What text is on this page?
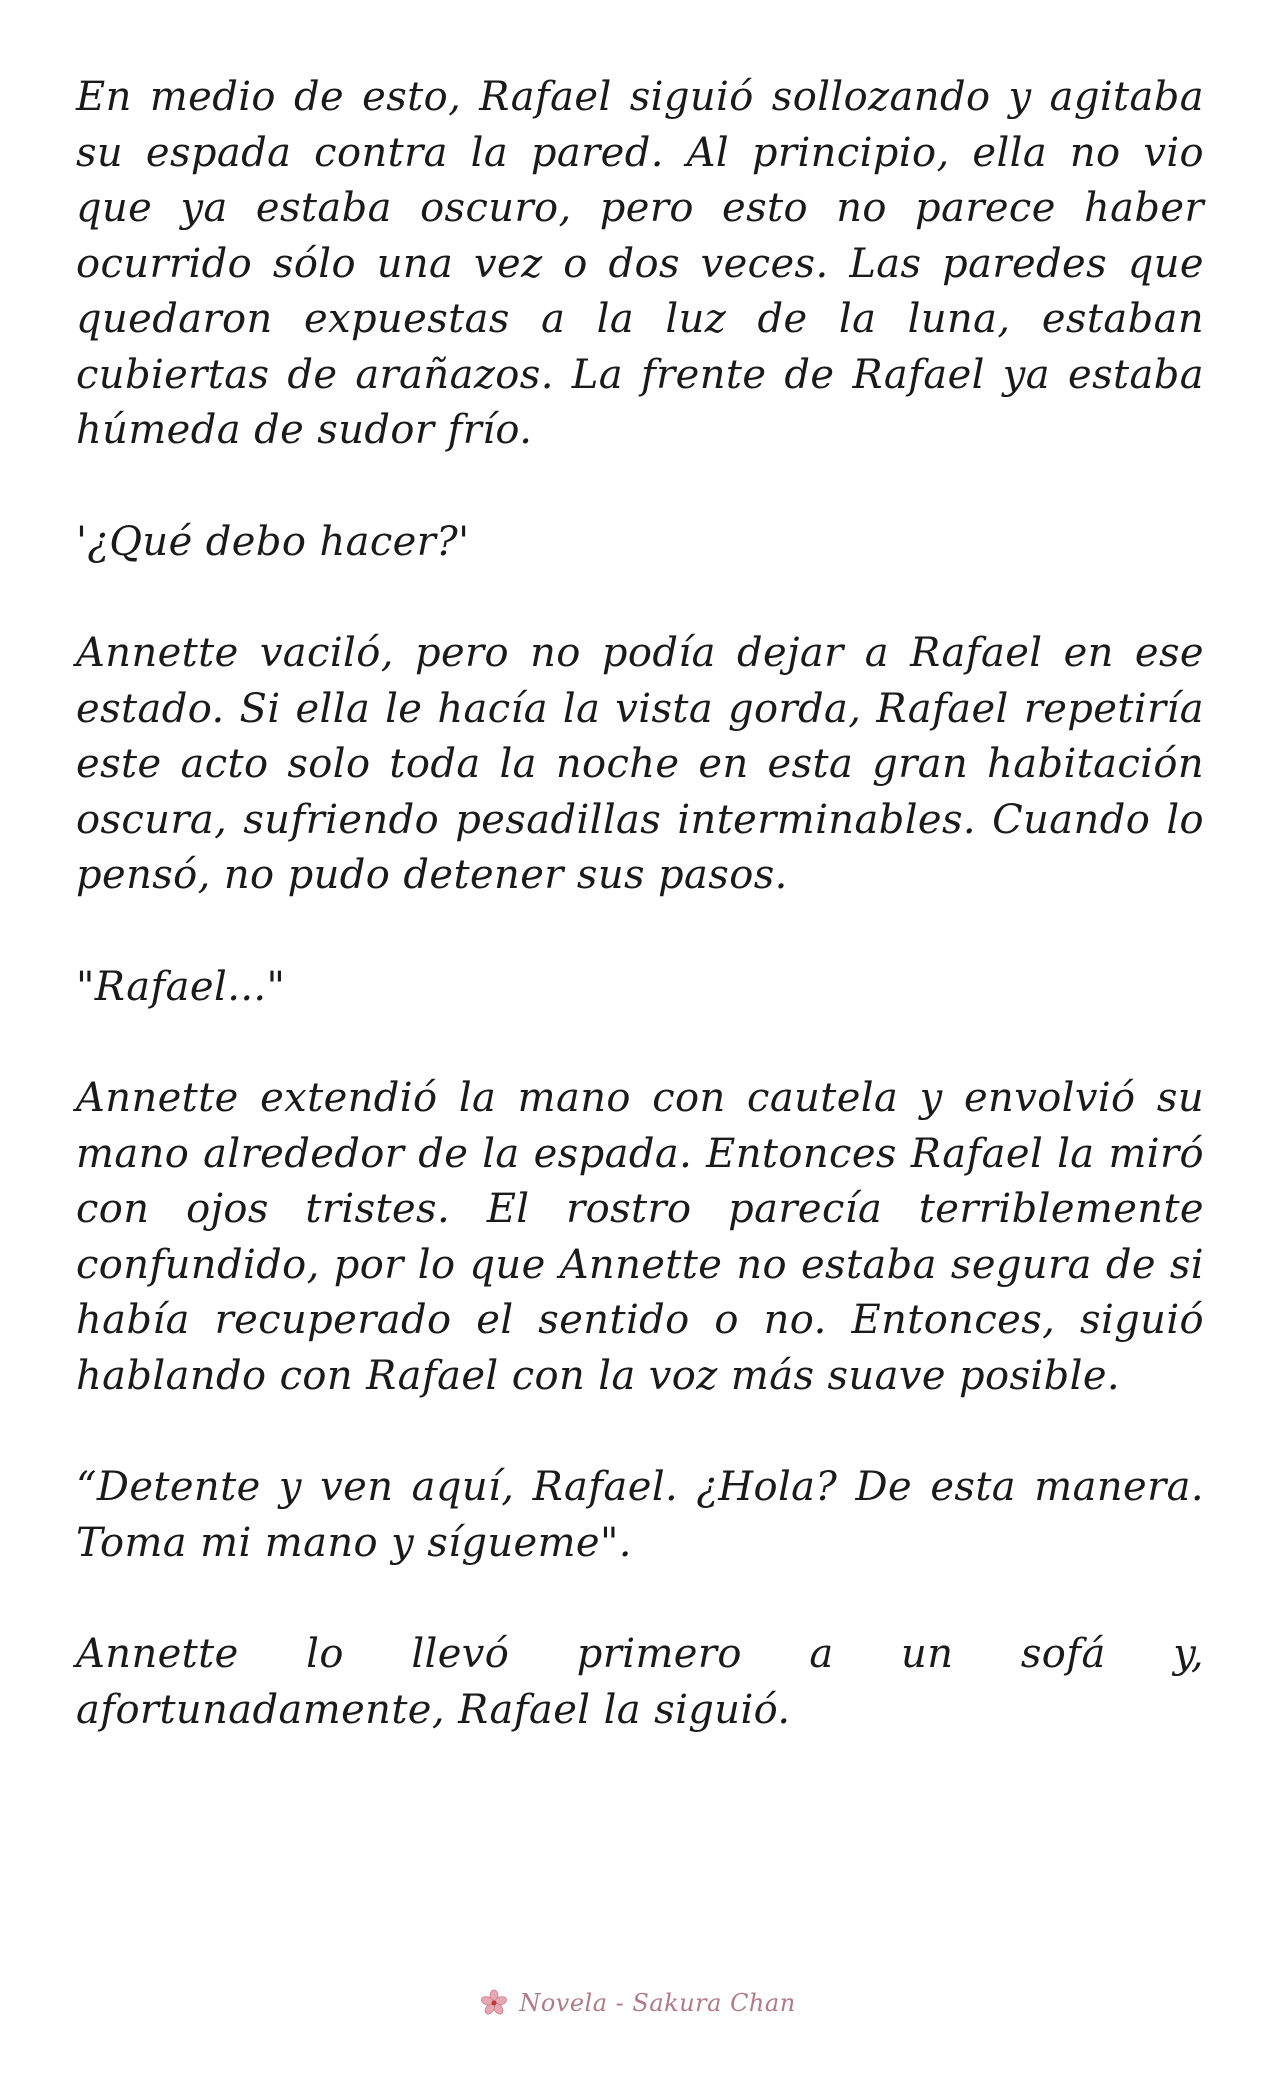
En medio de esto, Rafael siguió sollozando y agitaba su espada contra la pared. Al principio, ella no vio que ya estaba oscuro, pero esto no parece haber ocurrido sólo una vez o dos veces. Las paredes que quedaron expuestas a la luz de la luna, estaban cubiertas de arañazos. La frente de Rafael ya estaba húmeda de sudor frío.

'¿Qué debo hacer?'

Annette vaciló, pero no podía dejar a Rafael en ese estado. Si ella le hacía la vista gorda, Rafael repetiría este acto solo toda la noche en esta gran habitación oscura, sufriendo pesadillas interminables. Cuando lo pensó, no pudo detener sus pasos.

"Rafael..."

Annette extendió la mano con cautela y envolvió su mano alrededor de la espada. Entonces Rafael la miró con ojos tristes. El rostro parecía terriblemente confundido, por lo que Annette no estaba segura de si había recuperado el sentido o no. Entonces, siguió hablando con Rafael con la voz más suave posible.

“Detente y ven aquí, Rafael. ¿Hola? De esta manera. Toma mi mano y sígueme".

Annette lo llevó primero a un sofá y, afortunadamente, Rafael la siguió.

Novela - Sakura Chan
